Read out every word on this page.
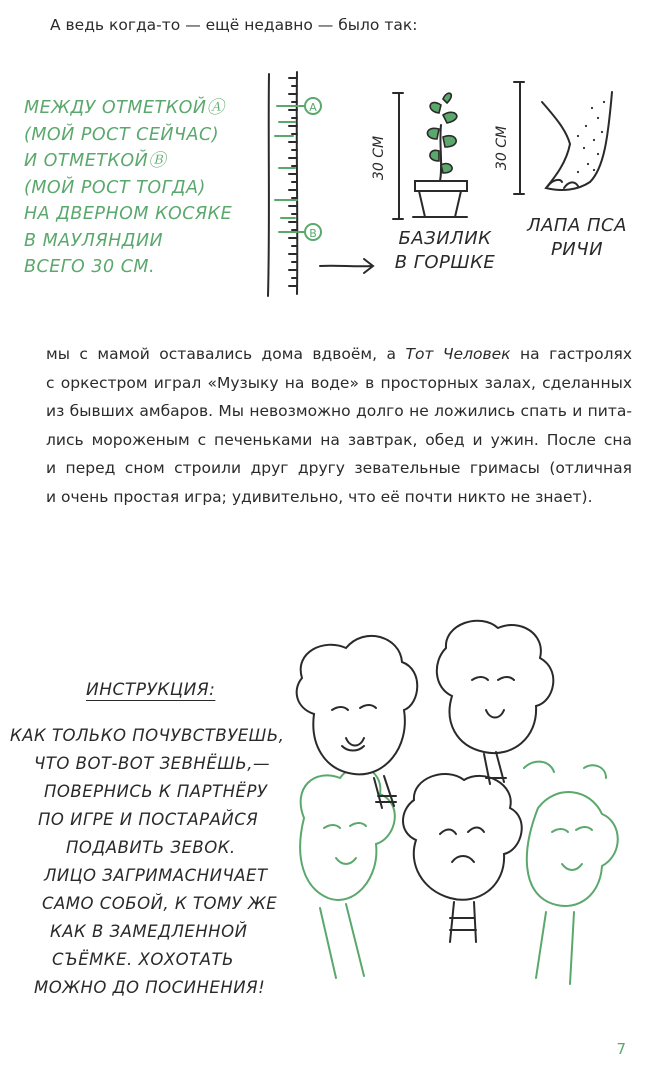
А ведь когда-то — ещё недавно — было так:
МЕЖДУ ОТМЕТКОЙⒶ
(МОЙ РОСТ СЕЙЧАС)
И ОТМЕТКОЙⒷ
(МОЙ РОСТ ТОГДА)
НА ДВЕРНОМ КОСЯКЕ
В МАУЛЯНДИИ
ВСЕГО 30 СМ.
A
B
30 СМ
БАЗИЛИК
В ГОРШКЕ
30 СМ
ЛАПА ПСА
РИЧИ
мы с мамой оставались дома вдвоём, а Тот Человек на гастролях
с оркестром играл «Музыку на воде» в просторных залах, сделанных
из бывших амбаров. Мы невозможно долго не ложились спать и пита-
лись мороженым с печеньками на завтрак, обед и ужин. После сна
и перед сном строили друг другу зевательные гримасы (отличная
и очень простая игра; удивительно, что её почти никто не знает).
ИНСТРУКЦИЯ:
КАК ТОЛЬКО ПОЧУВСТВУЕШЬ,
ЧТО ВОТ-ВОТ ЗЕВНЁШЬ,—
ПОВЕРНИСЬ К ПАРТНЁРУ
ПО ИГРЕ И ПОСТАРАЙСЯ
ПОДАВИТЬ ЗЕВОК.
ЛИЦО ЗАГРИМАСНИЧАЕТ
САМО СОБОЙ, К ТОМУ ЖЕ
КАК В ЗАМЕДЛЕННОЙ
СЪЁМКЕ. ХОХОТАТЬ
МОЖНО ДО ПОСИНЕНИЯ!
7
